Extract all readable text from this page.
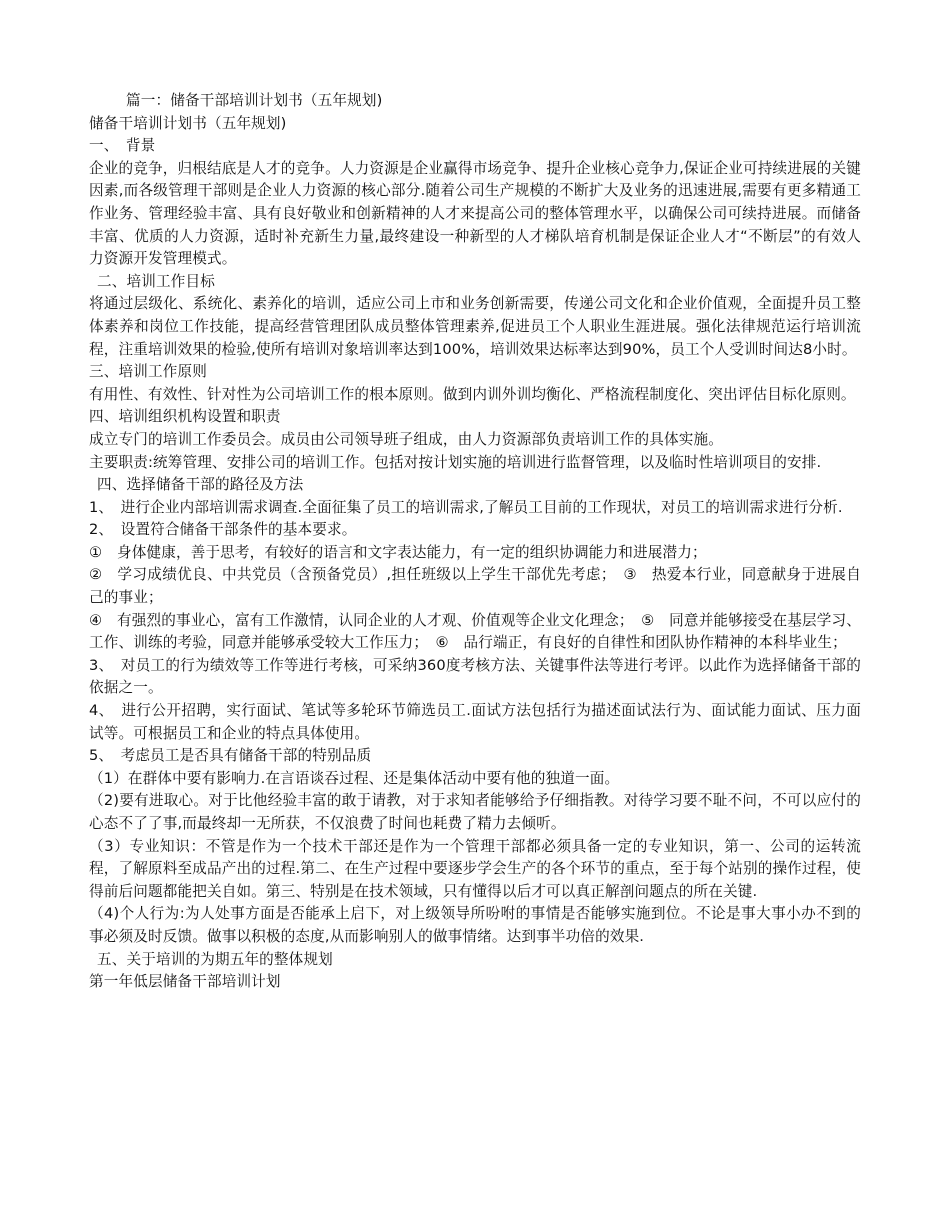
篇一：储备干部培训计划书（五年规划)

储备干培训计划书（五年规划)

一、　背景

企业的竞争，归根结底是人才的竞争。人力资源是企业赢得市场竞争、提升企业核心竞争力,保证企业可持续进展的关键因素,而各级管理干部则是企业人力资源的核心部分.随着公司生产规模的不断扩大及业务的迅速进展,需要有更多精通工作业务、管理经验丰富、具有良好敬业和创新精神的人才来提高公司的整体管理水平，以确保公司可续持进展。而储备丰富、优质的人力资源，适时补充新生力量,最终建设一种新型的人才梯队培育机制是保证企业人才“不断层”的有效人力资源开发管理模式。

二、培训工作目标

将通过层级化、系统化、素养化的培训，适应公司上市和业务创新需要，传递公司文化和企业价值观，全面提升员工整体素养和岗位工作技能，提高经营管理团队成员整体管理素养,促进员工个人职业生涯进展。强化法律规范运行培训流程，注重培训效果的检验,使所有培训对象培训率达到100%，培训效果达标率达到90%，员工个人受训时间达8小时。

三、培训工作原则

有用性、有效性、针对性为公司培训工作的根本原则。做到内训外训均衡化、严格流程制度化、突出评估目标化原则。

四、培训组织机构设置和职责

成立专门的培训工作委员会。成员由公司领导班子组成，由人力资源部负责培训工作的具体实施。

主要职责:统筹管理、安排公司的培训工作。包括对按计划实施的培训进行监督管理，以及临时性培训项目的安排.

四、选择储备干部的路径及方法

1、　进行企业内部培训需求调查.全面征集了员工的培训需求,了解员工目前的工作现状，对员工的培训需求进行分析.

2、　设置符合储备干部条件的基本要求。

①　身体健康，善于思考，有较好的语言和文字表达能力，有一定的组织协调能力和进展潜力；

②　学习成绩优良、中共党员（含预备党员）,担任班级以上学生干部优先考虑；　③　热爱本行业，同意献身于进展自己的事业；

④　有强烈的事业心，富有工作激情，认同企业的人才观、价值观等企业文化理念；　⑤　同意并能够接受在基层学习、工作、训练的考验，同意并能够承受较大工作压力；　⑥　品行端正，有良好的自律性和团队协作精神的本科毕业生；

3、　对员工的行为绩效等工作等进行考核，可采纳360度考核方法、关键事件法等进行考评。以此作为选择储备干部的依据之一。

4、　进行公开招聘，实行面试、笔试等多轮环节筛选员工.面试方法包括行为描述面试法行为、面试能力面试、压力面试等。可根据员工和企业的特点具体使用。

5、　考虑员工是否具有储备干部的特别品质

（1）在群体中要有影响力.在言语谈吞过程、还是集体活动中要有他的独道一面。

（2)要有进取心。对于比他经验丰富的敢于请教，对于求知者能够给予仔细指教。对待学习要不耻不问，不可以应付的心态不了了事,而最终却一无所获，不仅浪费了时间也耗费了精力去倾听。

（3）专业知识：不管是作为一个技术干部还是作为一个管理干部都必须具备一定的专业知识，第一、公司的运转流程，了解原料至成品产出的过程.第二、在生产过程中要逐步学会生产的各个环节的重点，至于每个站别的操作过程，使得前后问题都能把关自如。第三、特别是在技术领域，只有懂得以后才可以真正解剖问题点的所在关键.

（4)个人行为:为人处事方面是否能承上启下，对上级领导所吩咐的事情是否能够实施到位。不论是事大事小办不到的事必须及时反馈。做事以积极的态度,从而影响别人的做事情绪。达到事半功倍的效果.

五、关于培训的为期五年的整体规划

第一年低层储备干部培训计划
